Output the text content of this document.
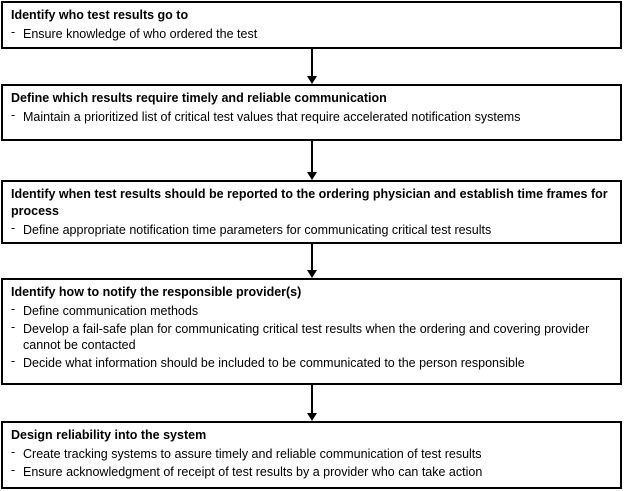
Identify who test results go to
- Ensure knowledge of who ordered the test
Define which results require timely and reliable communication
- Maintain a prioritized list of critical test values that require accelerated notification systems
Identify when test results should be reported to the ordering physician and establish time frames for process
- Define appropriate notification time parameters for communicating critical test results
Identify how to notify the responsible provider(s)
- Define communication methods
- Develop a fail-safe plan for communicating critical test results when the ordering and covering provider cannot be contacted
- Decide what information should be included to be communicated to the person responsible
Design reliability into the system
- Create tracking systems to assure timely and reliable communication of test results
- Ensure acknowledgment of receipt of test results by a provider who can take action
